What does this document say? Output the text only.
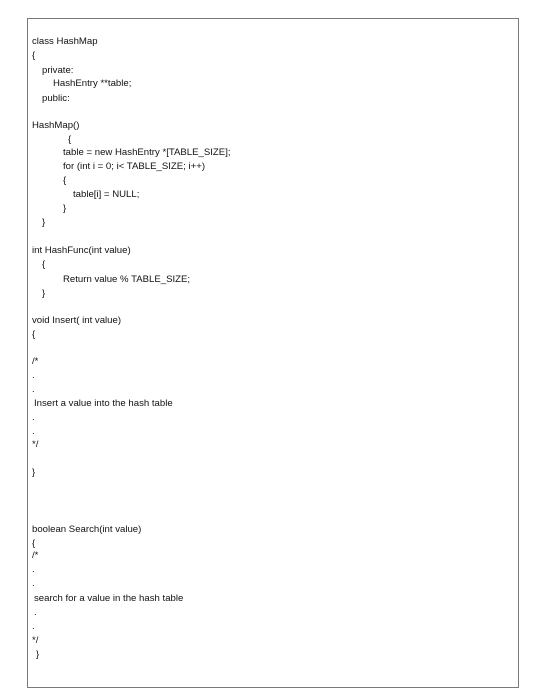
class HashMap
{
private:
HashEntry **table;
public:
HashMap()
{
table = new HashEntry *[TABLE_SIZE];
for (int i = 0; i< TABLE_SIZE; i++)
{
table[i] = NULL;
}
}
int HashFunc(int value)
{
Return value % TABLE_SIZE;
}
void Insert( int value)
{
/*
.
.
Insert a value into the hash table
.
.
*/
}
boolean Search(int value)
{
/*
.
.
search for a value in the hash table
.
.
*/
}
